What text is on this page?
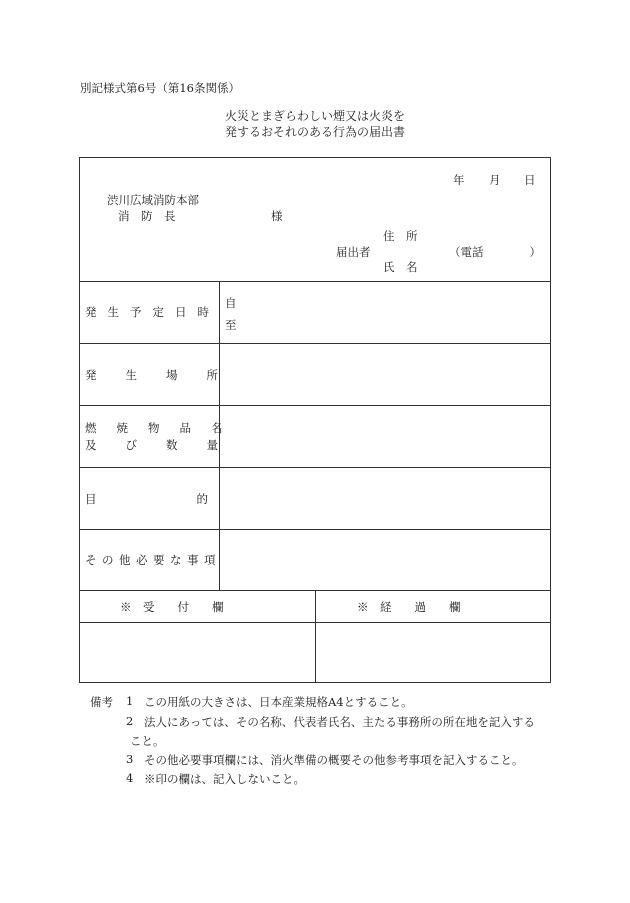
別記様式第6号（第16条関係）
火災とまぎらわしい煙又は火炎を
発するおそれのある行為の届出書
年 月 日
渋川広域消防本部
消　防　長	様
住　所
届出者	（電話　　　　）
氏　名
発生予定日時
自
至
発生場所
燃焼物品名
及び数量
目的
その他必要な事項
※　受　　付　　欄	※　経　　過　　欄
備考 1 この用紙の大きさは、日本産業規格A4とすること。
2 法人にあっては、その名称、代表者氏名、主たる事務所の所在地を記入する
こと。
3 その他必要事項欄には、消火準備の概要その他参考事項を記入すること。
4 ※印の欄は、記入しないこと。
